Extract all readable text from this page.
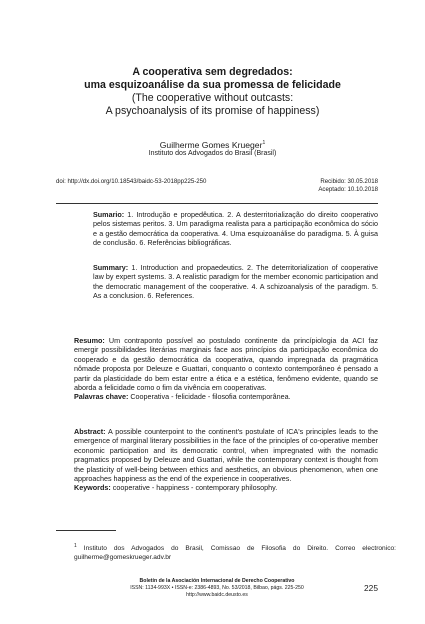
A cooperativa sem degredados:
uma esquizoanálise da sua promessa de felicidade
(The cooperative without outcasts:
A psychoanalysis of its promise of happiness)
Guilherme Gomes Krueger$^1$
Instituto dos Advogados do Brasil (Brasil)
doi: http://dx.doi.org/10.18543/baidc-53-2018pp225-250	Recibido: 30.05.2018
Aceptado: 10.10.2018
Sumario: 1. Introdução e propedêutica. 2. A desterritorialização do direito cooperativo pelos sistemas peritos. 3. Um paradigma realista para a participação econômica do sócio e a gestão democrática da cooperativa. 4. Uma esquizoanálise do paradigma. 5. À guisa de conclusão. 6. Referências bibliográficas.
Summary: 1. Introduction and propaedeutics. 2. The deterritorialization of cooperative law by expert systems. 3. A realistic paradigm for the member economic participation and the democratic management of the cooperative. 4. A schizoanalysis of the paradigm. 5. As a conclusion. 6. References.
Resumo: Um contraponto possível ao postulado continente da princípiologia da ACI faz emergir possibilidades literárias marginais face aos princípios da participação econômica do cooperado e da gestão democrática da cooperativa, quando impregnada da pragmática nômade proposta por Deleuze e Guattari, conquanto o contexto contemporâneo é pensado a partir da plasticidade do bem estar entre a ética e a estética, fenômeno evidente, quando se aborda a felicidade como o fim da vivência em cooperativas.
Palavras chave: Cooperativa - felicidade - filosofia contemporânea.
Abstract: A possible counterpoint to the continent's postulate of ICA's principles leads to the emergence of marginal literary possibilities in the face of the principles of co-operative member economic participation and its democratic control, when impregnated with the nomadic pragmatics proposed by Deleuze and Guattari, while the contemporary context is thought from the plasticity of well-being between ethics and aesthetics, an obvious phenomenon, when one approaches happiness as the end of the experience in cooperatives.
Keywords: cooperative - happiness - contemporary philosophy.
$^1$ Instituto dos Advogados do Brasil, Comissao de Filosofia do Direito. Correo electronico: guilherme@gomeskrueger.adv.br
Boletín de la Asociación Internacional de Derecho Cooperativo
ISSN: 1134-993X • ISSN-e: 2386-4893, No. 53/2018, Bilbao, págs. 225-250
http://www.baidc.deusto.es
225
